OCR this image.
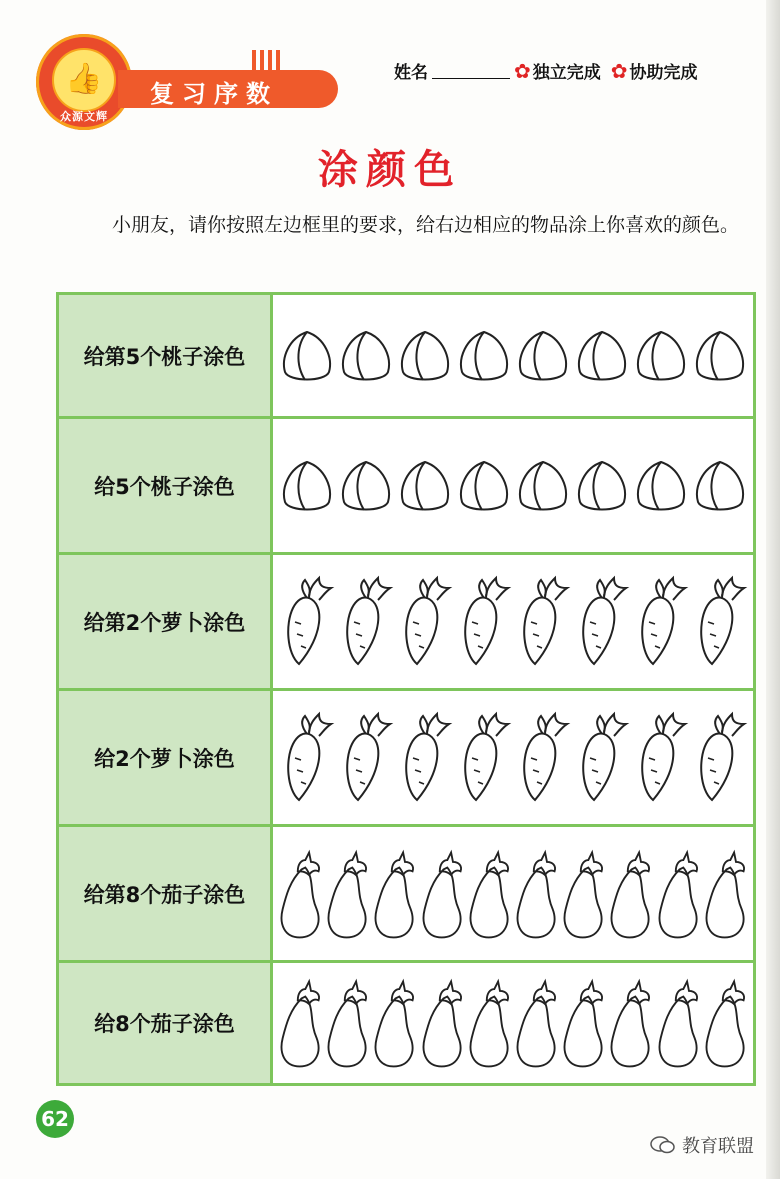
👍
众源文辉
复习序数
姓名	✿ 独立完成 ✿ 协助完成
涂颜色
小朋友，请你按照左边框里的要求，给右边相应的物品涂上你喜欢的颜色。
给第5个桃子涂色
给5个桃子涂色
给第2个萝卜涂色
给2个萝卜涂色
给第8个茄子涂色
给8个茄子涂色
62
教育联盟
